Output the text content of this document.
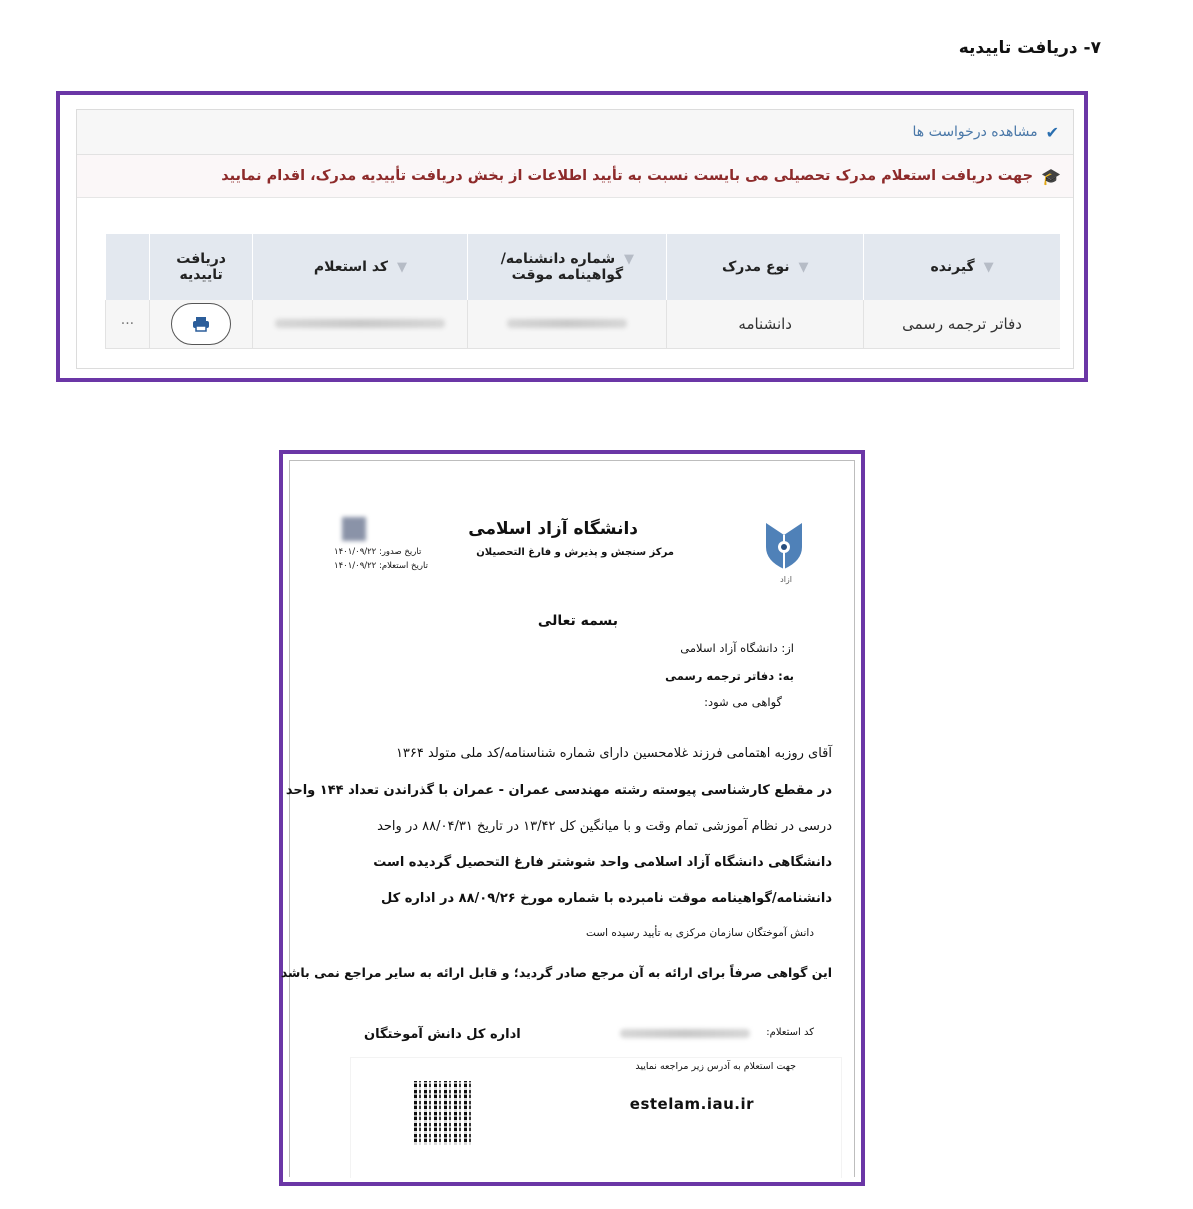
۷- دریافت تاییدیه
✔
مشاهده درخواست ها
🎓
جهت دریافت استعلام مدرک تحصیلی می بایست نسبت به تأیید اطلاعات از بخش دریافت تأییدیه مدرک، اقدام نمایید
▼ گیرنده	▼ نوع مدرک	▼ شماره دانشنامه/گواهینامه موقت	▼ کد استعلام	دریافت تاییدیه	
دفاتر ترجمه رسمی	دانشنامه				···
ازاد
دانشگاه آزاد اسلامی
مرکز سنجش و پذیرش و فارغ التحصیلان
تاریخ صدور: ۱۴۰۱/۰۹/۲۲
تاریخ استعلام: ۱۴۰۱/۰۹/۲۲
بسمه تعالی
از: دانشگاه آزاد اسلامی
به: دفاتر ترجمه رسمی
گواهی می شود:
آقای روزبه اهتمامی فرزند غلامحسین دارای شماره شناسنامه/کد ملی متولد ۱۳۶۴
در مقطع کارشناسی پیوسته رشته مهندسی عمران - عمران با گذراندن تعداد ۱۴۴ واحد
درسی در نظام آموزشی تمام وقت و با میانگین کل ۱۳/۴۲ در تاریخ ۸۸/۰۴/۳۱ در واحد
دانشگاهی دانشگاه آزاد اسلامی واحد شوشتر فارغ التحصیل گردیده است
دانشنامه/گواهینامه موقت نامبرده با شماره مورخ ۸۸/۰۹/۲۶ در اداره کل
دانش آموختگان سازمان مرکزی به تأیید رسیده است
این گواهی صرفاً برای ارائه به آن مرجع صادر گردید؛ و قابل ارائه به سایر مراجع نمی باشد
اداره کل دانش آموختگان	کد استعلام:
جهت استعلام به آدرس زیر مراجعه نمایید
estelam.iau.ir
